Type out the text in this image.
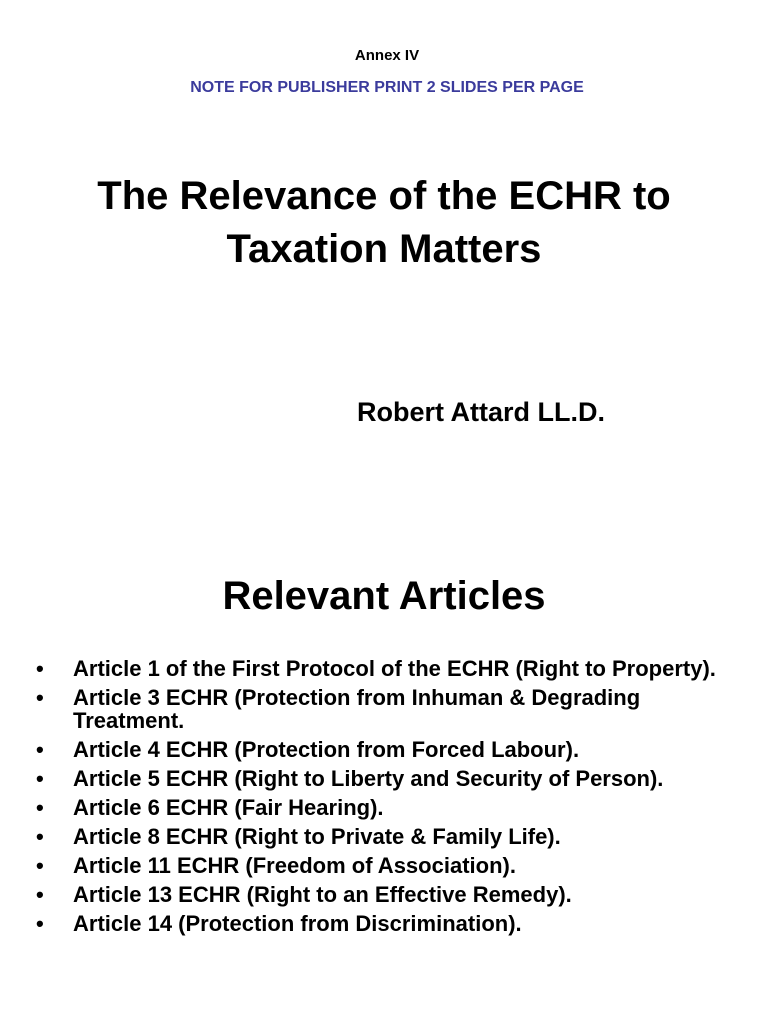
Annex IV
NOTE FOR PUBLISHER PRINT 2 SLIDES PER PAGE
The Relevance of the ECHR to
Taxation Matters
Robert Attard LL.D.
Relevant Articles
• Article 1 of the First Protocol of the ECHR (Right to Property).
• Article 3 ECHR (Protection from Inhuman & Degrading Treatment.
• Article 4 ECHR (Protection from Forced Labour).
• Article 5 ECHR (Right to Liberty and Security of Person).
• Article 6 ECHR (Fair Hearing).
• Article 8 ECHR (Right to Private & Family Life).
• Article 11 ECHR (Freedom of Association).
• Article 13 ECHR (Right to an Effective Remedy).
• Article 14 (Protection from Discrimination).
